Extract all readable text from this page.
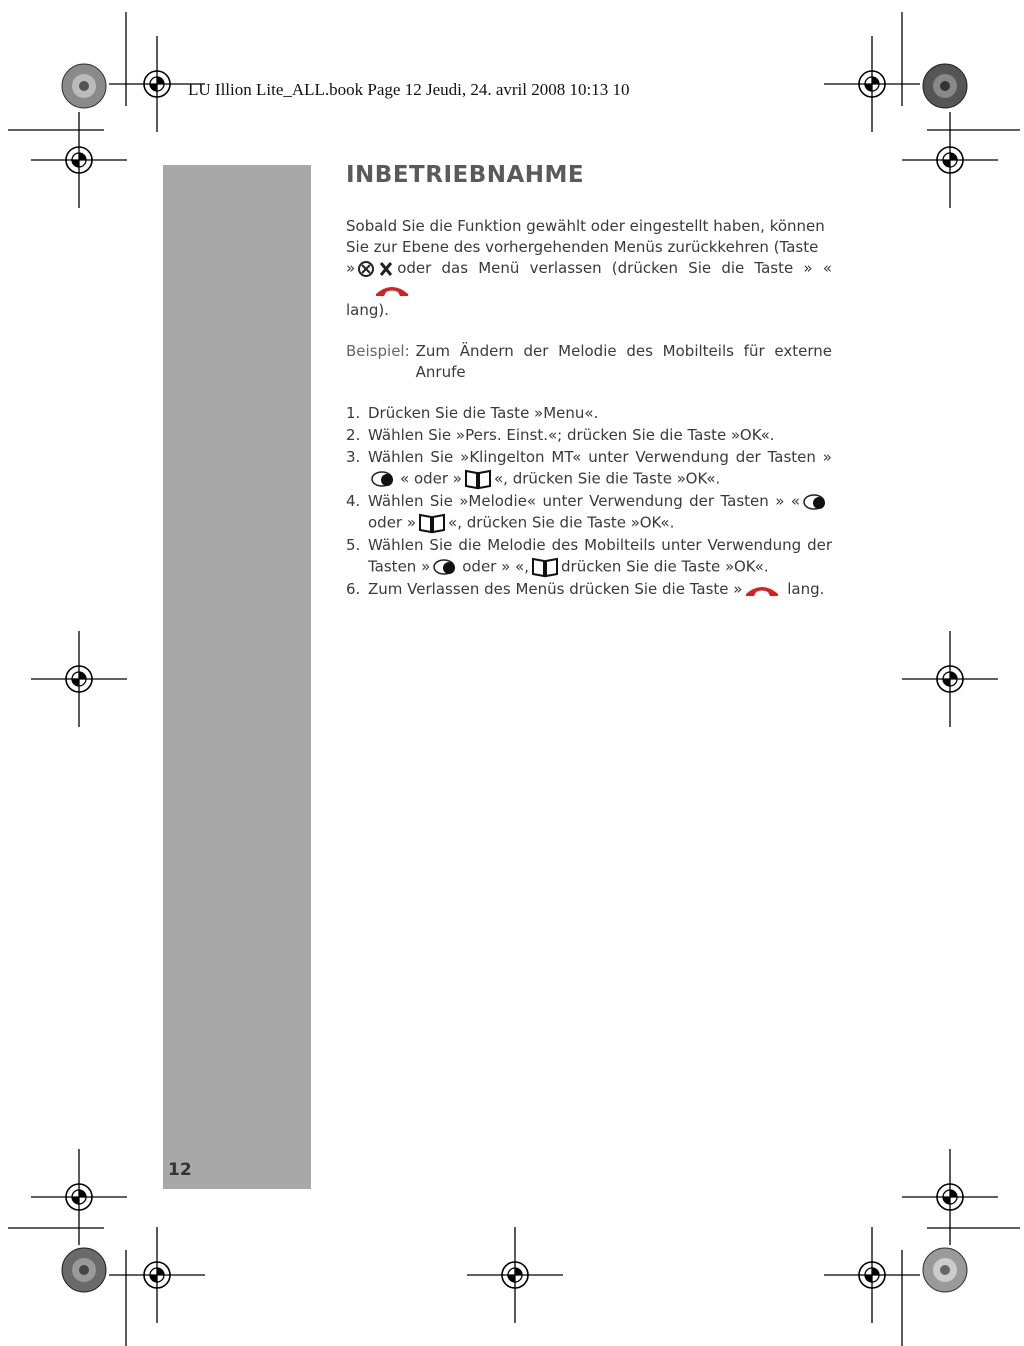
LU Illion Lite_ALL.book Page 12 Jeudi, 24. avril 2008 10:13 10
12
INBETRIEBNAHME
Sobald Sie die Funktion gewählt oder eingestellt haben, können
Sie zur Ebene des vorhergehenden Menüs zurückkehren (Taste
»	oder das Menü verlassen (drücken Sie die Taste » «
lang).
Beispiel: Zum Ändern der Melodie des Mobilteils für externe Anrufe
1. Drücken Sie die Taste »Menu«.
2. Wählen Sie »Pers. Einst.«; drücken Sie die Taste »OK«.
3. Wählen Sie »Klingelton MT« unter Verwendung der Tasten »« oder » «, drücken Sie die Taste »OK«.
4. Wählen Sie »Melodie« unter Verwendung der Tasten » « oder » «, drücken Sie die Taste »OK«.
5. Wählen Sie die Melodie des Mobilteils unter Verwendung der Tasten » oder » «, drücken Sie die Taste »OK«.
6. Zum Verlassen des Menüs drücken Sie die Taste »	lang.
